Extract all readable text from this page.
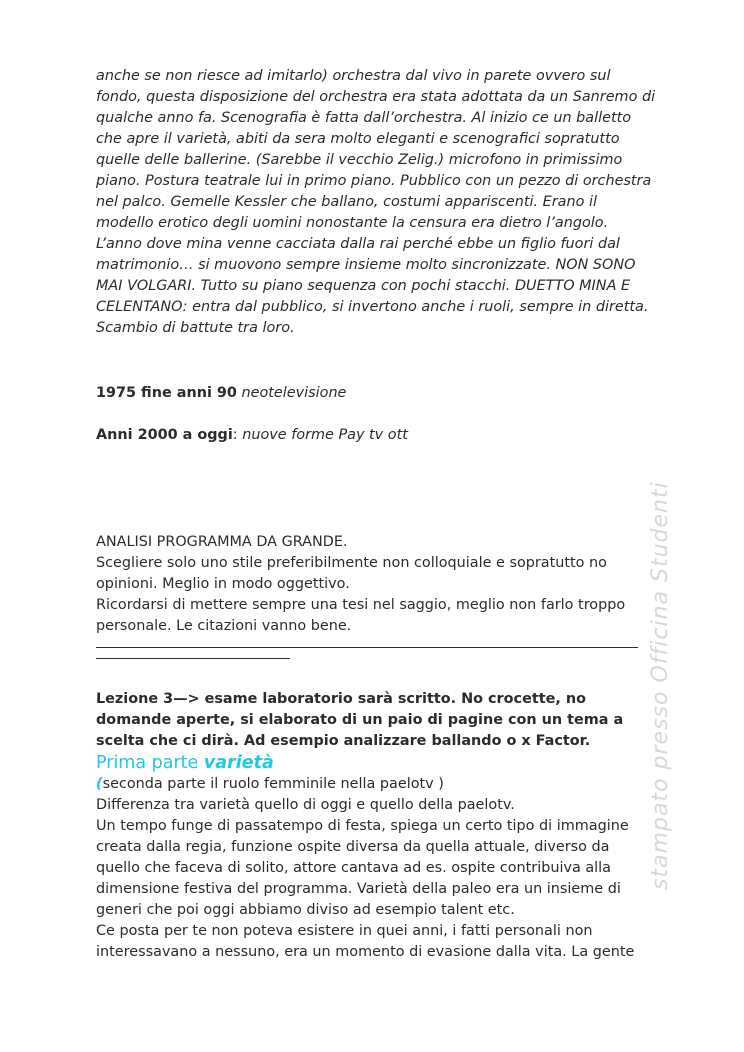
anche se non riesce ad imitarlo) orchestra dal vivo in parete ovvero sul fondo, questa disposizione del orchestra era stata adottata da un Sanremo di qualche anno fa. Scenografia è fatta dall’orchestra. Al inizio ce un balletto che apre il varietà, abiti da sera molto eleganti e scenografici sopratutto quelle delle ballerine. (Sarebbe il vecchio Zelig.) microfono in primissimo piano. Postura teatrale lui in primo piano. Pubblico con un pezzo di orchestra nel palco. Gemelle Kessler che ballano, costumi appariscenti. Erano il modello erotico degli uomini nonostante la censura era dietro l’angolo. L’anno dove mina venne cacciata dalla rai perché ebbe un figlio fuori dal matrimonio… si muovono sempre insieme molto sincronizzate. NON SONO MAI VOLGARI. Tutto su piano sequenza con pochi stacchi. DUETTO MINA E CELENTANO: entra dal pubblico, si invertono anche i ruoli, sempre in diretta. Scambio di battute tra loro.

1975 fine anni 90 neotelevisione

Anni 2000 a oggi: nuove forme Pay tv ott

ANALISI PROGRAMMA DA GRANDE.

Scegliere solo uno stile preferibilmente non colloquiale e sopratutto no opinioni. Meglio in modo oggettivo.

Ricordarsi di mettere sempre una tesi nel saggio, meglio non farlo troppo personale. Le citazioni vanno bene.

Lezione 3—> esame laboratorio sarà scritto. No crocette, no domande aperte, si elaborato di un paio di pagine con un tema a scelta che ci dirà. Ad esempio analizzare ballando o x Factor.

Prima parte varietà

(seconda parte il ruolo femminile nella paelotv )

Differenza tra varietà quello di oggi e quello della paelotv.

Un tempo funge di passatempo di festa, spiega un certo tipo di immagine creata dalla regia, funzione ospite diversa da quella attuale, diverso da quello che faceva di solito, attore cantava ad es. ospite contribuiva alla dimensione festiva del programma. Varietà della paleo era un insieme di generi che poi oggi abbiamo diviso ad esempio talent etc.

Ce posta per te non poteva esistere in quei anni, i fatti personali non interessavano a nessuno, era un momento di evasione dalla vita. La gente

stampato presso Officina Studenti
